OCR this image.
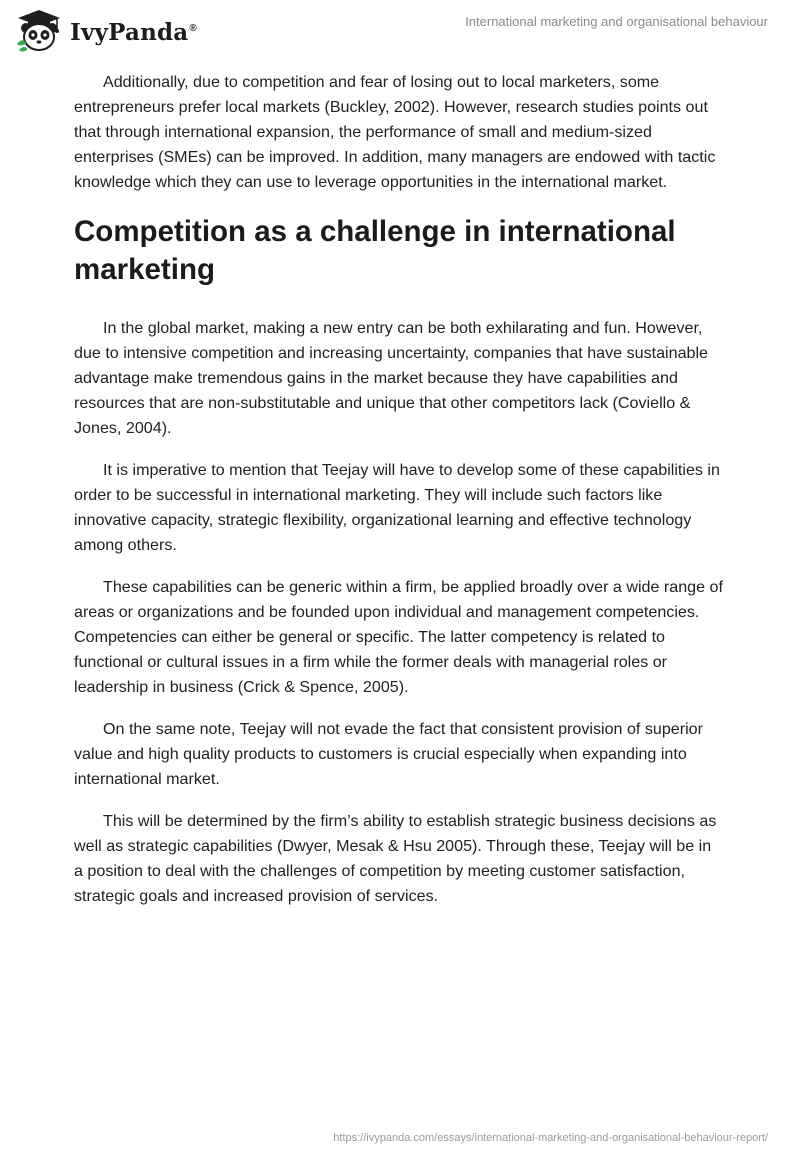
IvyPanda®	International marketing and organisational behaviour

Additionally, due to competition and fear of losing out to local marketers, some entrepreneurs prefer local markets (Buckley, 2002). However, research studies points out that through international expansion, the performance of small and medium-sized enterprises (SMEs) can be improved. In addition, many managers are endowed with tactic knowledge which they can use to leverage opportunities in the international market.

Competition as a challenge in international marketing

In the global market, making a new entry can be both exhilarating and fun. However, due to intensive competition and increasing uncertainty, companies that have sustainable advantage make tremendous gains in the market because they have capabilities and resources that are non-substitutable and unique that other competitors lack (Coviello & Jones, 2004).

It is imperative to mention that Teejay will have to develop some of these capabilities in order to be successful in international marketing. They will include such factors like innovative capacity, strategic flexibility, organizational learning and effective technology among others.

These capabilities can be generic within a firm, be applied broadly over a wide range of areas or organizations and be founded upon individual and management competencies. Competencies can either be general or specific. The latter competency is related to functional or cultural issues in a firm while the former deals with managerial roles or leadership in business (Crick & Spence, 2005).

On the same note, Teejay will not evade the fact that consistent provision of superior value and high quality products to customers is crucial especially when expanding into international market.

This will be determined by the firm’s ability to establish strategic business decisions as well as strategic capabilities (Dwyer, Mesak & Hsu 2005). Through these, Teejay will be in a position to deal with the challenges of competition by meeting customer satisfaction, strategic goals and increased provision of services.

https://ivypanda.com/essays/international-marketing-and-organisational-behaviour-report/
